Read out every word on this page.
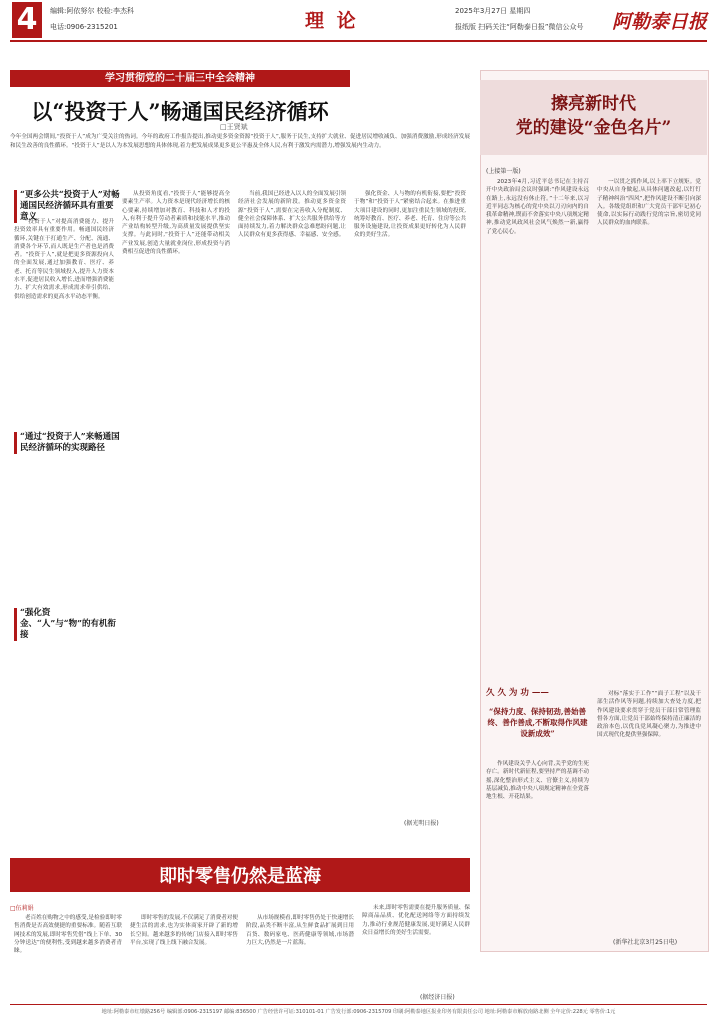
4	编辑:阿依努尔 校检:李杰科
电话:0906-2315201	理 论	2025年3月27日 星期四
报纸版 扫码关注“阿勒泰日报”微信公众号 阿勒泰日报
学习贯彻党的二十届三中全会精神
以“投资于人”畅通国民经济循环
□王贤斌
今年全国两会期间,“投资于人”成为广受关注的热词。今年的政府工作报告提出,推动更多资金资源“投资于人”,服务于民生,支持扩大就业、促进居民增收减负、加强消费激励,形成经济发展和民生改善的良性循环。“投资于人”是以人为本发展思想的具体体现,着力把发展成果更多更公平惠及全体人民,有利于激发内需潜力,增强发展内生动力。
“更多公共“投资于人”对畅通国民经济循环具有重要意义
“投资于人”对提高消费能力、提升投资效率具有重要作用。畅通国民经济循环,关键在于打通生产、分配、流通、消费各个环节,而人既是生产者也是消费者。“投资于人”,就是把更多资源投向人的全面发展,通过加强教育、医疗、养老、托育等民生领域投入,提升人力资本水平,促进居民收入增长,进而增强消费能力、扩大有效需求,形成需求牵引供给、供给创造需求的更高水平动态平衡。
从投资角度看,“投资于人”能够提高全要素生产率。人力资本是现代经济增长的核心要素,持续增加对教育、科技和人才的投入,有利于提升劳动者素质和技能水平,推动产业结构转型升级,为高质量发展提供坚实支撑。与此同时,“投资于人”还能带动相关产业发展,创造大量就业岗位,形成投资与消费相互促进的良性循环。
当前,我国已经进入以人的全面发展引领经济社会发展的新阶段。推动更多资金资源“投资于人”,需要在完善收入分配制度、健全社会保障体系、扩大公共服务供给等方面持续发力,着力解决群众急难愁盼问题,让人民群众有更多获得感、幸福感、安全感。
强化资金、人与物的有机衔接,要把“投资于物”和“投资于人”紧密结合起来。在推进重大项目建设的同时,更加注重民生领域的投资,统筹好教育、医疗、养老、托育、住房等公共服务设施建设,让投资成果更好转化为人民群众的美好生活。
“通过“投资于人”来畅通国民经济循环的实现路径
“强化资金、“人”与“物”的有机衔接
(据光明日报)
擦亮新时代
党的建设“金色名片”
(上接第一版)
2023年4月,习近平总书记在主持召开中央政治局会议时强调:“作风建设永远在路上,永远没有休止符。”十二年来,以习近平同志为核心的党中央以刀刃向内的自我革命精神,锲而不舍落实中央八项规定精神,推动党风政风社会风气焕然一新,赢得了党心民心。
一以贯之抓作风,以上率下立规矩。党中央从自身做起,从具体问题改起,以钉钉子精神纠治“四风”,把作风建设不断引向深入。各级党组织和广大党员干部牢记初心使命,以实际行动践行党的宗旨,密切党同人民群众的血肉联系。
久 久 为 功 ——
“保持力度、保持韧劲,善始善终、善作善成,不断取得作风建设新成效”
作风建设关乎人心向背,关乎党的生死存亡。新时代新征程,要坚持严的基调不动摇,深化整治形式主义、官僚主义,持续为基层减负,推动中央八项规定精神在全党落地生根、开花结果。
对标“落实于工作”“面子工程”以及干部生活作风等问题,持续加大查处力度,把作风建设要求贯穿于党员干部日常管理监督各方面,让党员干部始终保持清正廉洁的政治本色,以优良党风凝心聚力,为推进中国式现代化提供坚强保障。
(新华社北京3月25日电)
即时零售仍然是蓝海
□伍莉娟
老百姓在购物之中的感受,是检验即时零售消费是否高效便捷的重要标准。随着互联网技术的发展,即时零售凭借“线上下单、30分钟送达”的便利性,受到越来越多消费者青睐。
即时零售的发展,不仅满足了消费者对便捷生活的需求,也为实体商家开辟了新的增长空间。越来越多的传统门店接入即时零售平台,实现了线上线下融合发展。
从市场规模看,即时零售仍处于快速增长阶段,品类不断丰富,从生鲜食品扩展到日用百货、数码家电、医药健康等领域,市场潜力巨大,仍然是一片蓝海。
未来,即时零售需要在提升服务质量、保障商品品质、优化配送网络等方面持续发力,推动行业规范健康发展,更好满足人民群众日益增长的美好生活需要。
(据经济日报)
地址:阿勒泰市红墩路256号 编辑部:0906-2315197 邮编:836500 广告经营许可证:310101-01 广告发行部:0906-2315709 印刷:阿勒泰地区报业印务有限责任公司 地址:阿勒泰市解放南路北侧 全年定价:228元 零售价:1元
